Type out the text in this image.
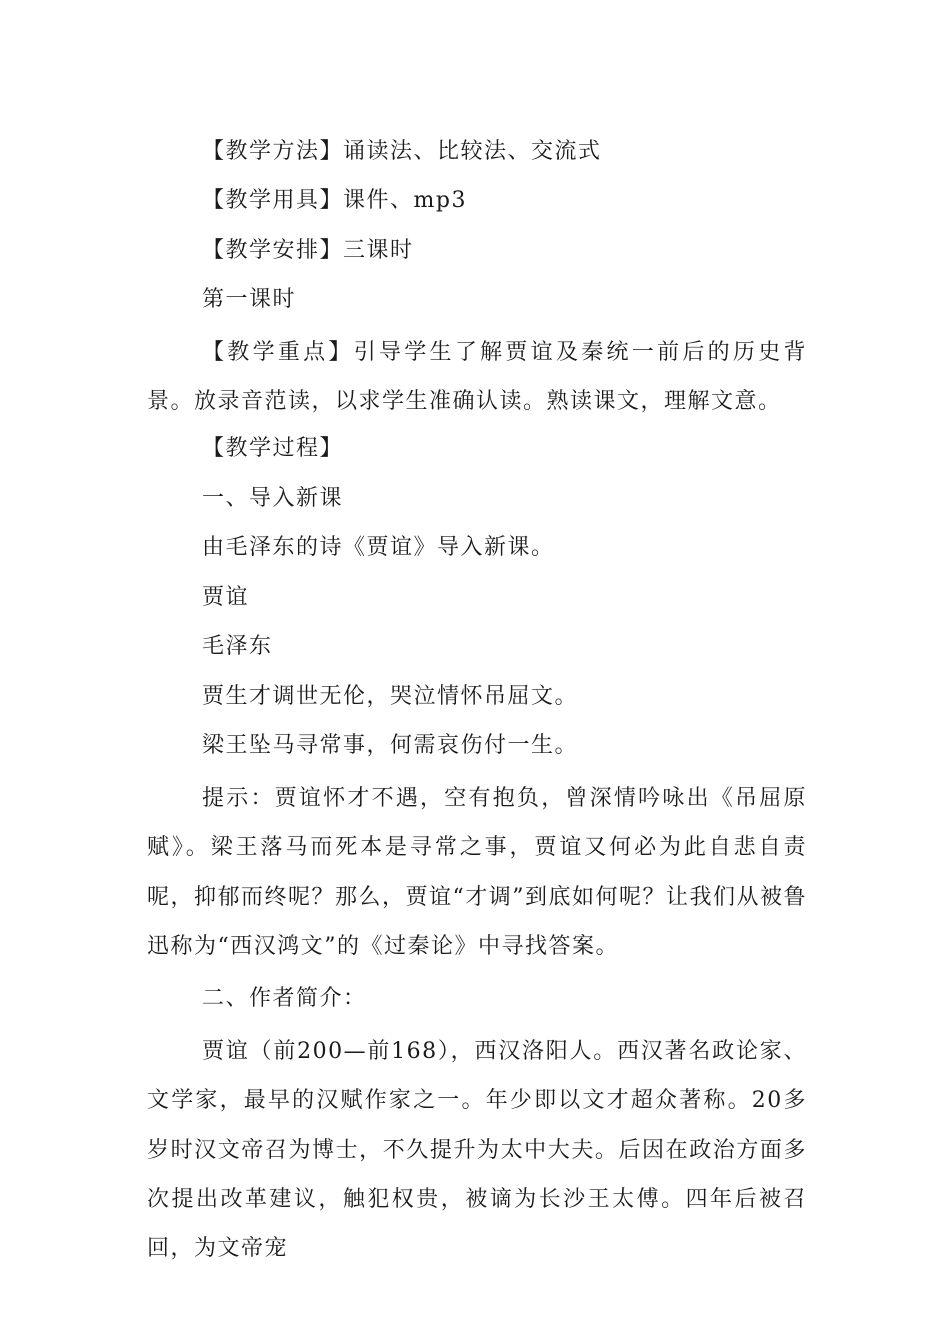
【教学方法】诵读法、比较法、交流式
【教学用具】课件、mp3
【教学安排】三课时
第一课时
【教学重点】引导学生了解贾谊及秦统一前后的历史背景。放录音范读，以求学生准确认读。熟读课文，理解文意。
【教学过程】
一、导入新课
由毛泽东的诗《贾谊》导入新课。
贾谊
毛泽东
贾生才调世无伦，哭泣情怀吊屈文。
梁王坠马寻常事，何需哀伤付一生。
提示：贾谊怀才不遇，空有抱负，曾深情吟咏出《吊屈原赋》。梁王落马而死本是寻常之事，贾谊又何必为此自悲自责呢，抑郁而终呢？那么，贾谊“才调”到底如何呢？让我们从被鲁迅称为“西汉鸿文”的《过秦论》中寻找答案。
二、作者简介：
贾谊（前200—前168），西汉洛阳人。西汉著名政论家、文学家，最早的汉赋作家之一。年少即以文才超众著称。20多岁时汉文帝召为博士，不久提升为太中大夫。后因在政治方面多次提出改革建议，触犯权贵，被谪为长沙王太傅。四年后被召回，为文帝宠
